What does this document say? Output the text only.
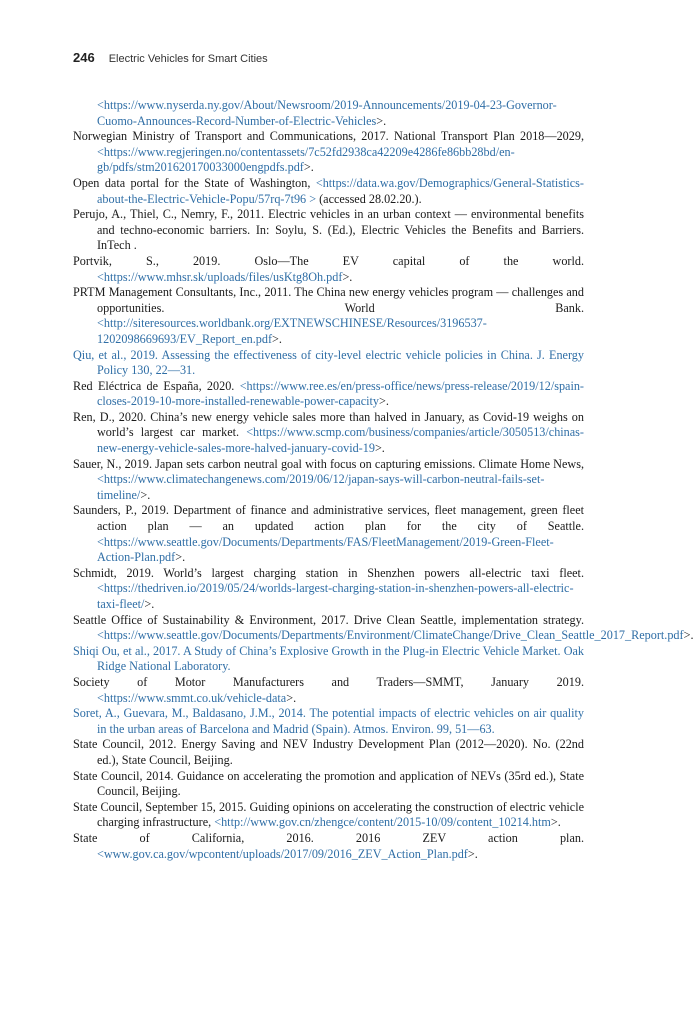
246 Electric Vehicles for Smart Cities
<https://www.nyserda.ny.gov/About/Newsroom/2019-Announcements/2019-04-23-Governor-Cuomo-Announces-Record-Number-of-Electric-Vehicles>.
Norwegian Ministry of Transport and Communications, 2017. National Transport Plan 2018—2029, <https://www.regjeringen.no/contentassets/7c52fd2938ca42209e4286fe86bb28bd/en-gb/pdfs/stm201620170033000engpdfs.pdf>.
Open data portal for the State of Washington, <https://data.wa.gov/Demographics/General-Statistics-about-the-Electric-Vehicle-Popu/57rq-7t96 > (accessed 28.02.20.).
Perujo, A., Thiel, C., Nemry, F., 2011. Electric vehicles in an urban context — environmental benefits and techno-economic barriers. In: Soylu, S. (Ed.), Electric Vehicles the Benefits and Barriers. InTech .
Portvik, S., 2019. Oslo—The EV capital of the world. <https://www.mhsr.sk/uploads/files/usKtg8Oh.pdf>.
PRTM Management Consultants, Inc., 2011. The China new energy vehicles program — challenges and opportunities. World Bank. <http://siteresources.worldbank.org/EXTNEWSCHINESE/Resources/3196537-1202098669693/EV_Report_en.pdf>.
Qiu, et al., 2019. Assessing the effectiveness of city-level electric vehicle policies in China. J. Energy Policy 130, 22—31.
Red Eléctrica de España, 2020. <https://www.ree.es/en/press-office/news/press-release/2019/12/spain-closes-2019-10-more-installed-renewable-power-capacity>.
Ren, D., 2020. China’s new energy vehicle sales more than halved in January, as Covid-19 weighs on world’s largest car market. <https://www.scmp.com/business/companies/article/3050513/chinas-new-energy-vehicle-sales-more-halved-january-covid-19>.
Sauer, N., 2019. Japan sets carbon neutral goal with focus on capturing emissions. Climate Home News, <https://www.climatechangenews.com/2019/06/12/japan-says-will-carbon-neutral-fails-set-timeline/>.
Saunders, P., 2019. Department of finance and administrative services, fleet management, green fleet action plan — an updated action plan for the city of Seattle. <https://www.seattle.gov/Documents/Departments/FAS/FleetManagement/2019-Green-Fleet-Action-Plan.pdf>.
Schmidt, 2019. World’s largest charging station in Shenzhen powers all-electric taxi fleet. <https://thedriven.io/2019/05/24/worlds-largest-charging-station-in-shenzhen-powers-all-electric-taxi-fleet/>.
Seattle Office of Sustainability & Environment, 2017. Drive Clean Seattle, implementation strategy. <https://www.seattle.gov/Documents/Departments/Environment/ClimateChange/Drive_Clean_Seattle_2017_Report.pdf>.
Shiqi Ou, et al., 2017. A Study of China’s Explosive Growth in the Plug-in Electric Vehicle Market. Oak Ridge National Laboratory.
Society of Motor Manufacturers and Traders—SMMT, January 2019. <https://www.smmt.co.uk/vehicle-data>.
Soret, A., Guevara, M., Baldasano, J.M., 2014. The potential impacts of electric vehicles on air quality in the urban areas of Barcelona and Madrid (Spain). Atmos. Environ. 99, 51—63.
State Council, 2012. Energy Saving and NEV Industry Development Plan (2012—2020). No. (22nd ed.), State Council, Beijing.
State Council, 2014. Guidance on accelerating the promotion and application of NEVs (35rd ed.), State Council, Beijing.
State Council, September 15, 2015. Guiding opinions on accelerating the construction of electric vehicle charging infrastructure, <http://www.gov.cn/zhengce/content/2015-10/09/content_10214.htm>.
State of California, 2016. 2016 ZEV action plan. <www.gov.ca.gov/wpcontent/uploads/2017/09/2016_ZEV_Action_Plan.pdf>.
